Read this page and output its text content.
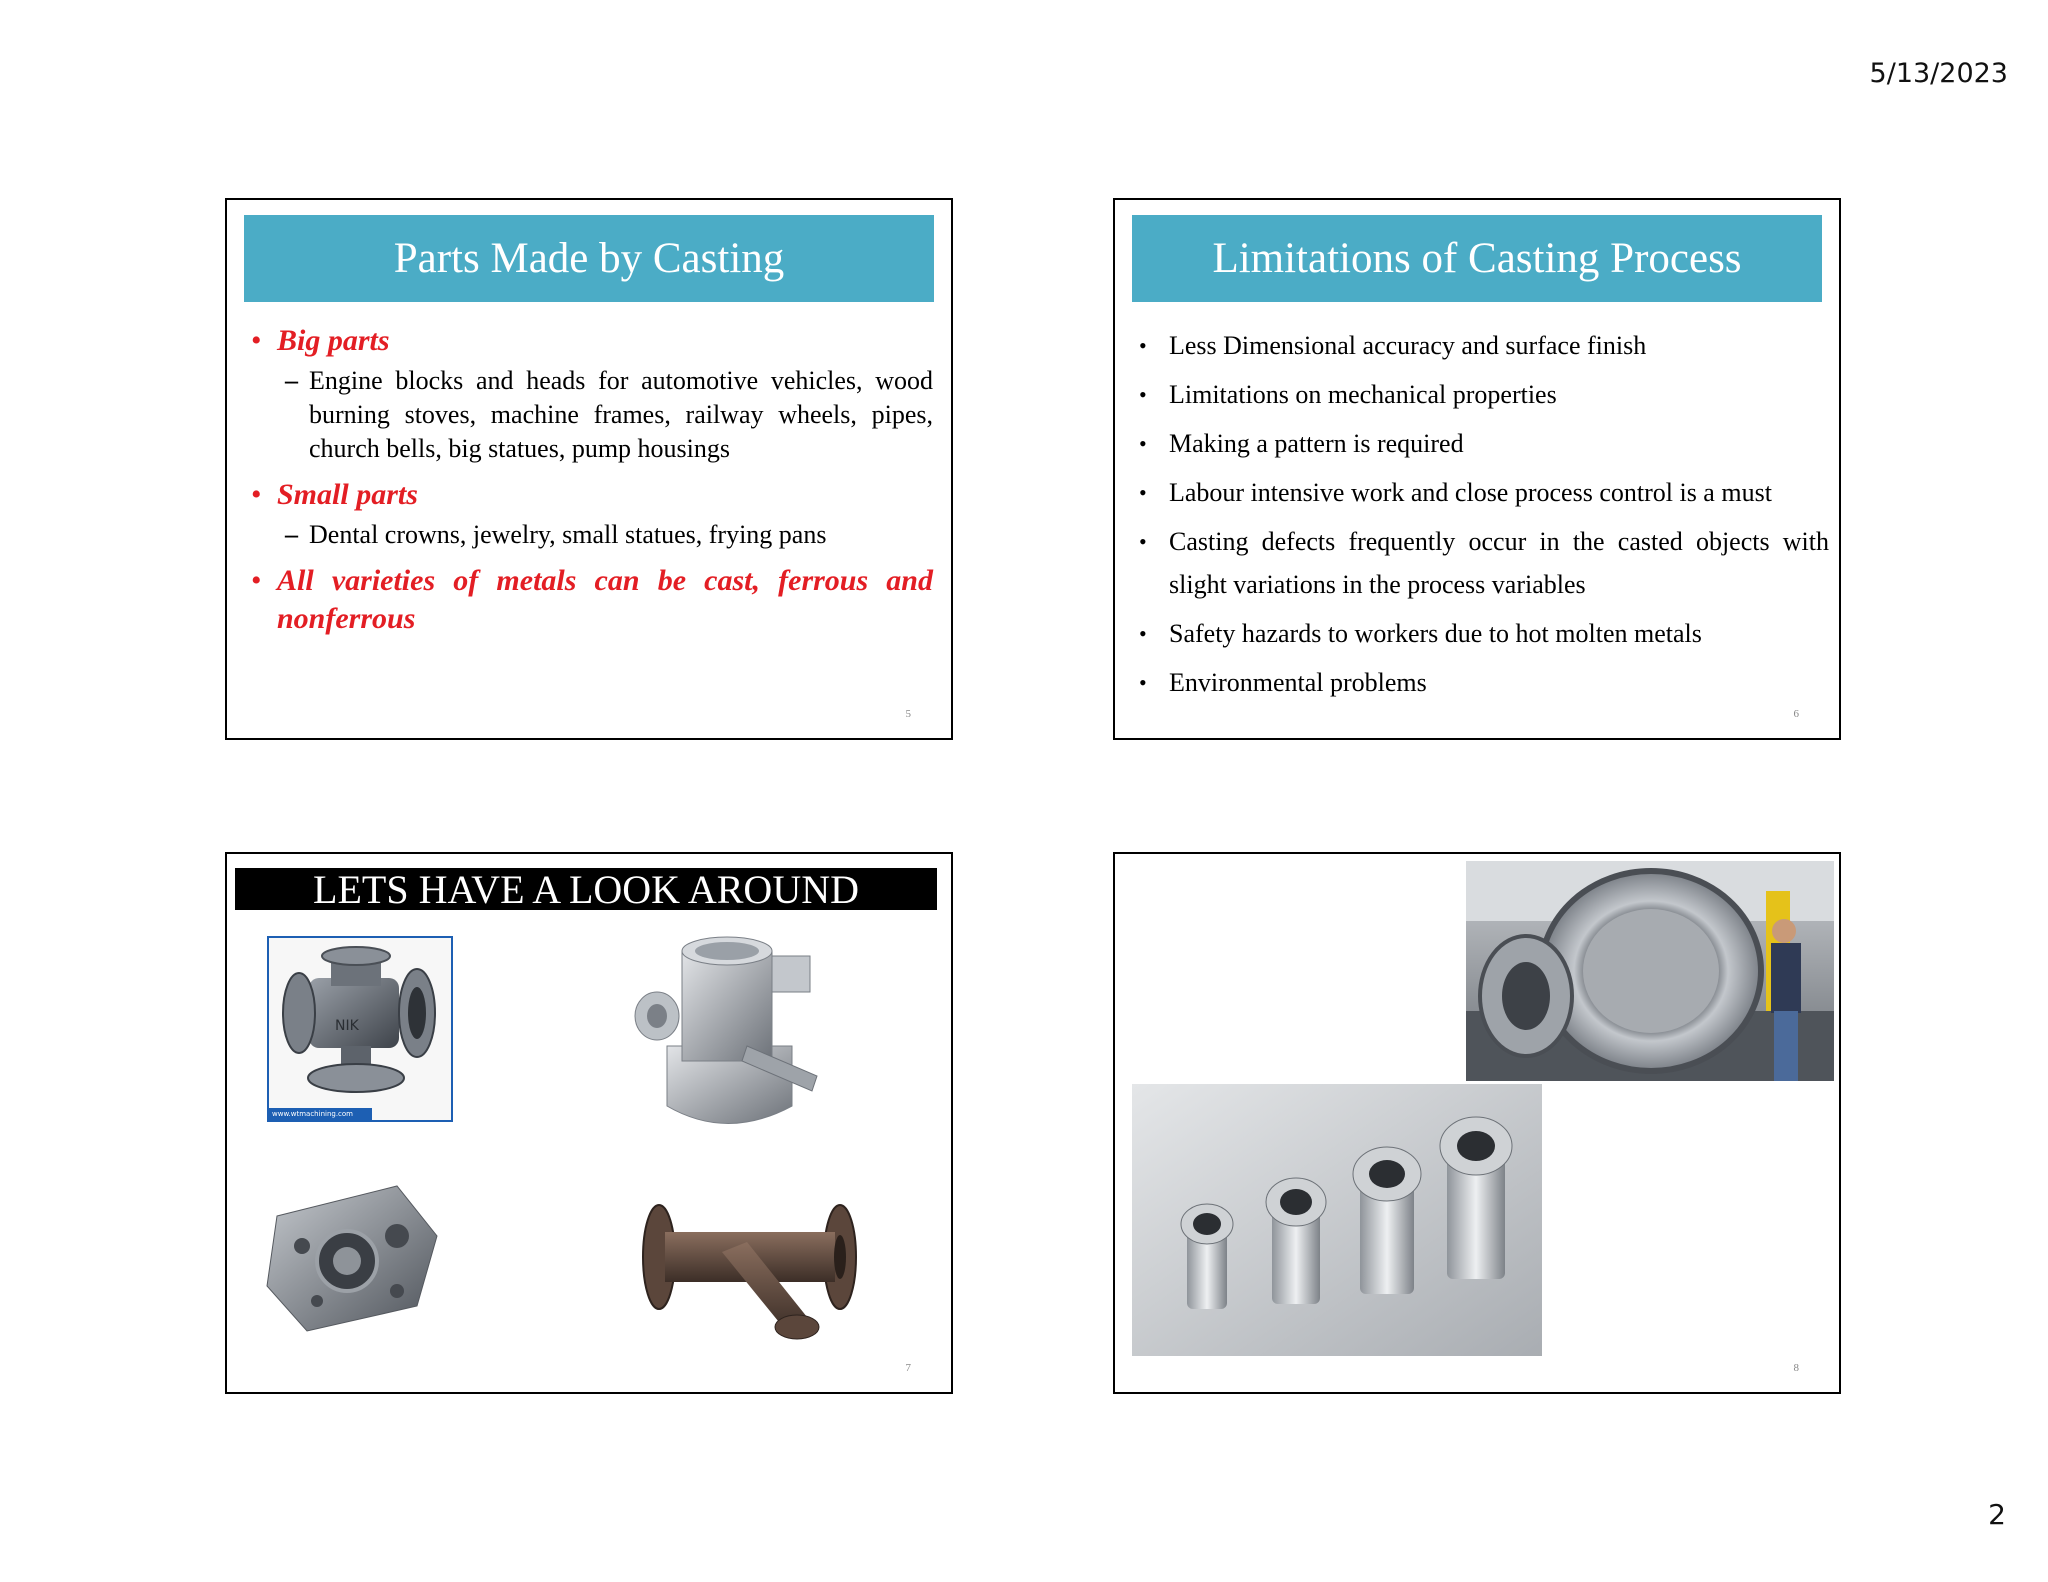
5/13/2023
Parts Made by Casting
• Big parts
– Engine blocks and heads for automotive vehicles, wood burning stoves, machine frames, railway wheels, pipes, church bells, big statues, pump housings
• Small parts
– Dental crowns, jewelry, small statues, frying pans
• All varieties of metals can be cast, ferrous and nonferrous
5
Limitations of Casting Process
• Less Dimensional accuracy and surface finish
• Limitations on mechanical properties
• Making a pattern is required
• Labour intensive work and close process control is a must
• Casting defects frequently occur in the casted objects with slight variations in the process variables
• Safety hazards to workers due to hot molten metals
• Environmental problems
6
LETS HAVE A LOOK AROUND
NIK
www.wtmachining.com
7	8
2
